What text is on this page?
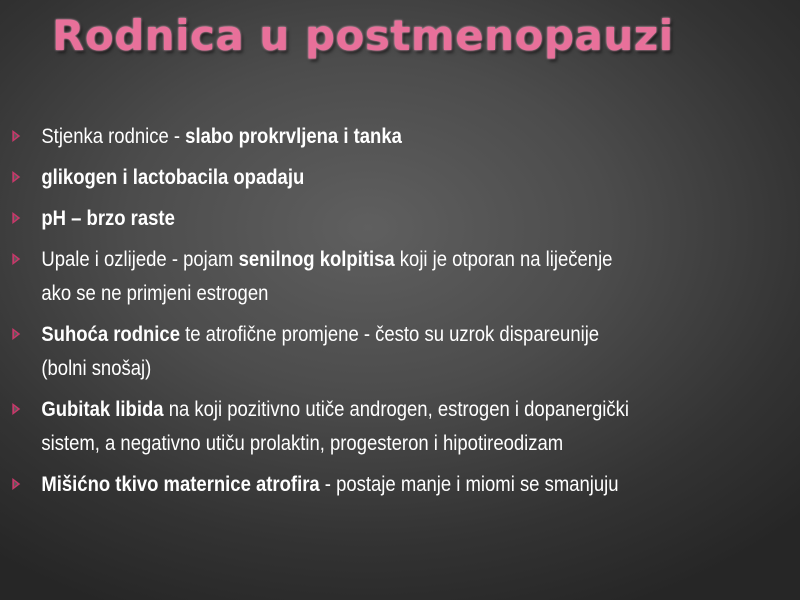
Rodnica u postmenopauzi
Stjenka rodnice - slabo prokrvljena i tanka
glikogen i lactobacila opadaju
pH – brzo raste
Upale i ozlijede - pojam senilnog kolpitisa koji je otporan na liječenje
ako se ne primjeni estrogen
Suhoća rodnice te atrofične promjene - često su uzrok dispareunije
(bolni snošaj)
Gubitak libida na koji pozitivno utiče androgen, estrogen i dopanergički
sistem, a negativno utiču prolaktin, progesteron i hipotireodizam
Mišićno tkivo maternice atrofira - postaje manje i miomi se smanjuju
